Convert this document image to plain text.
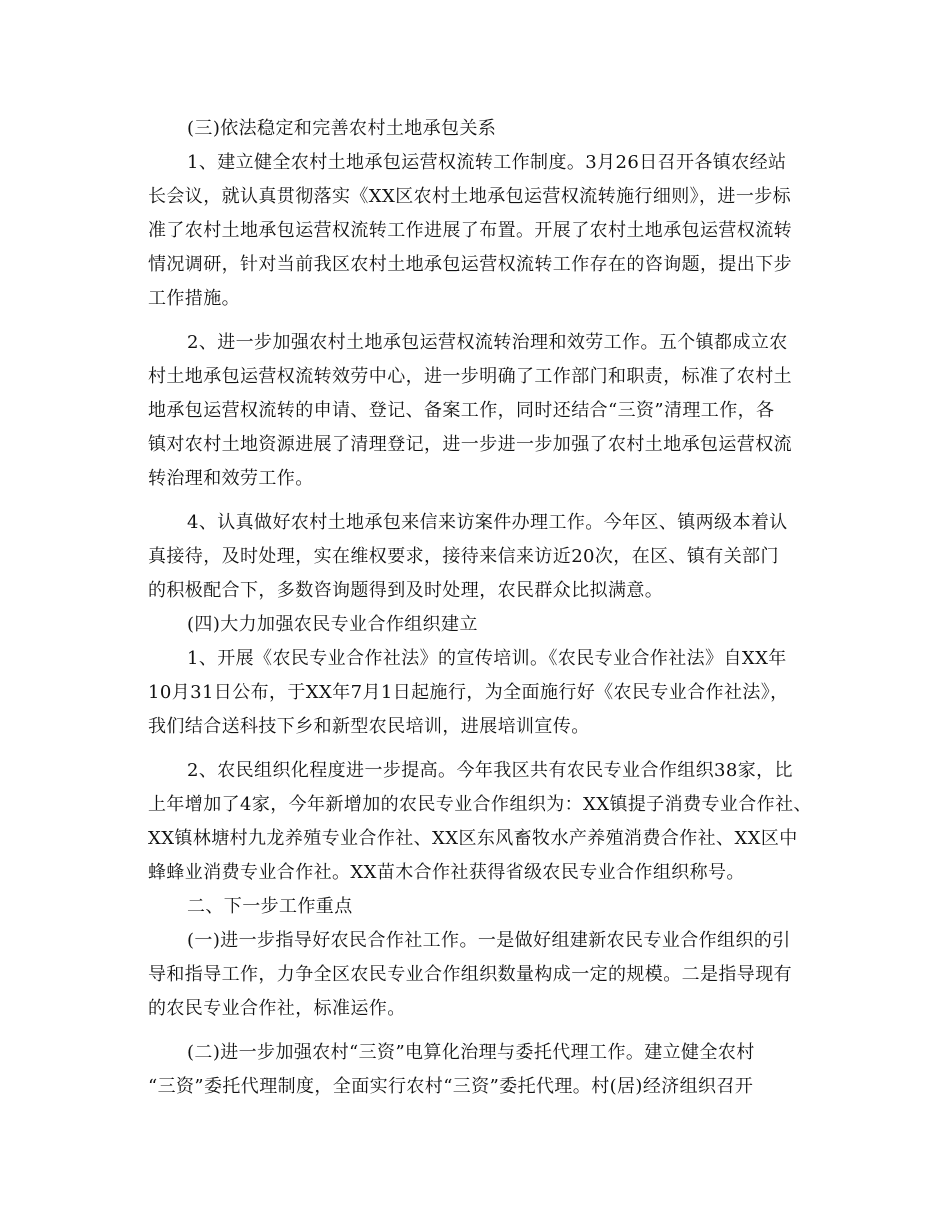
(三)依法稳定和完善农村土地承包关系
1、建立健全农村土地承包运营权流转工作制度。3月26日召开各镇农经站
长会议，就认真贯彻落实《XX区农村土地承包运营权流转施行细则》，进一步标
准了农村土地承包运营权流转工作进展了布置。开展了农村土地承包运营权流转
情况调研，针对当前我区农村土地承包运营权流转工作存在的咨询题，提出下步
工作措施。
2、进一步加强农村土地承包运营权流转治理和效劳工作。五个镇都成立农
村土地承包运营权流转效劳中心，进一步明确了工作部门和职责，标准了农村土
地承包运营权流转的申请、登记、备案工作，同时还结合“三资”清理工作，各
镇对农村土地资源进展了清理登记，进一步进一步加强了农村土地承包运营权流
转治理和效劳工作。
4、认真做好农村土地承包来信来访案件办理工作。今年区、镇两级本着认
真接待，及时处理，实在维权要求，接待来信来访近20次，在区、镇有关部门
的积极配合下，多数咨询题得到及时处理，农民群众比拟满意。
(四)大力加强农民专业合作组织建立
1、开展《农民专业合作社法》的宣传培训。《农民专业合作社法》自XX年
10月31日公布，于XX年7月1日起施行，为全面施行好《农民专业合作社法》，
我们结合送科技下乡和新型农民培训，进展培训宣传。
2、农民组织化程度进一步提高。今年我区共有农民专业合作组织38家，比
上年增加了4家，今年新增加的农民专业合作组织为：XX镇提子消费专业合作社、
XX镇林塘村九龙养殖专业合作社、XX区东风畜牧水产养殖消费合作社、XX区中
蜂蜂业消费专业合作社。XX苗木合作社获得省级农民专业合作组织称号。
二、下一步工作重点
(一)进一步指导好农民合作社工作。一是做好组建新农民专业合作组织的引
导和指导工作，力争全区农民专业合作组织数量构成一定的规模。二是指导现有
的农民专业合作社，标准运作。
(二)进一步加强农村“三资”电算化治理与委托代理工作。建立健全农村
“三资”委托代理制度，全面实行农村“三资”委托代理。村(居)经济组织召开
